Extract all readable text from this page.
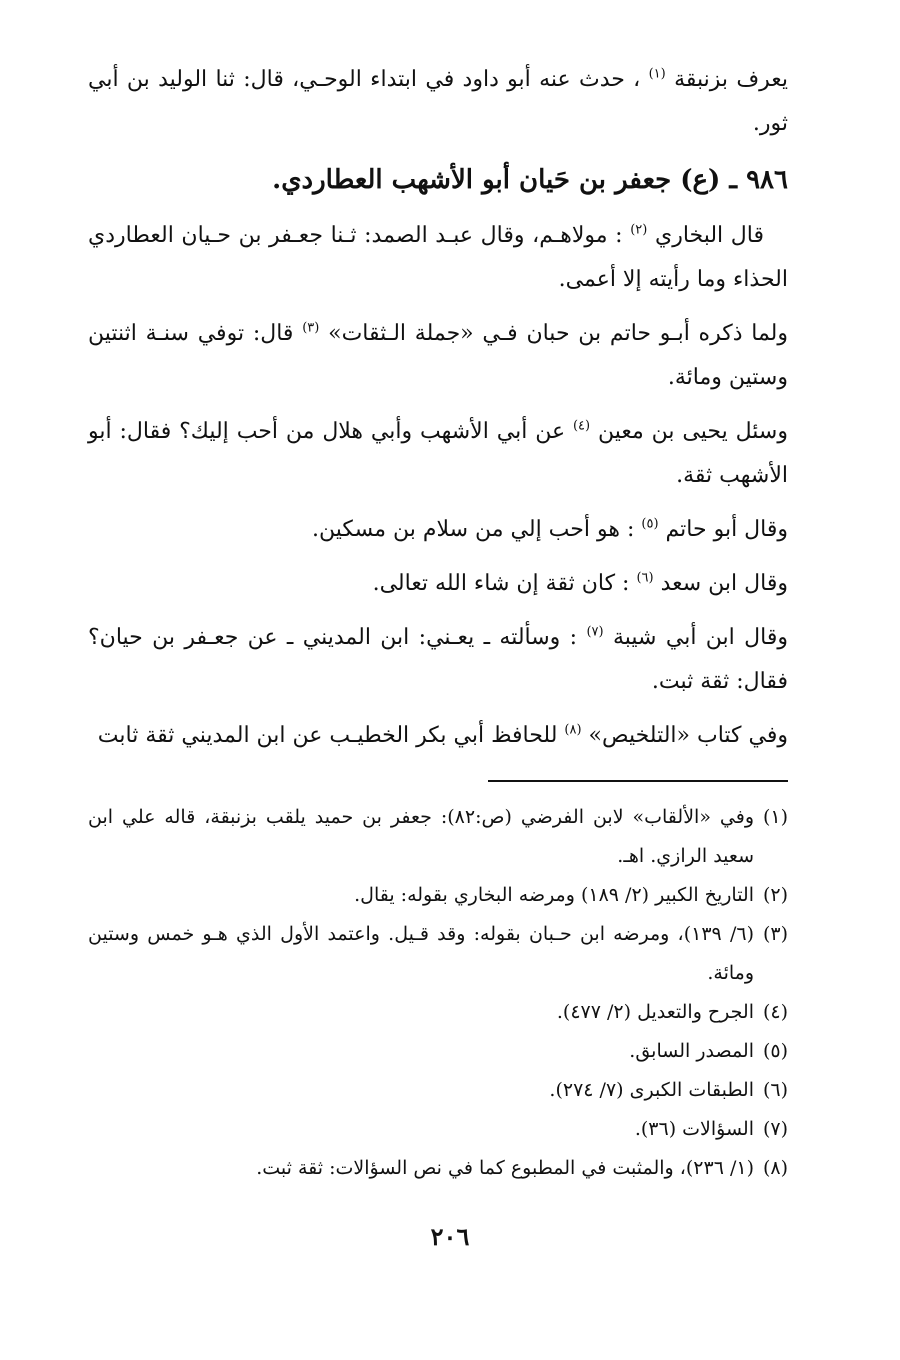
يعرف بزنبقة $^{(١)}$ ، حدث عنه أبو داود في ابتداء الوحـي، قال: ثنا الوليد بن أبي ثور.

٩٨٦ ـ (ع) جعفر بن حَيان أبو الأشهب العطاردي.

قال البخاري $^{(٢)}$ : مولاهـم، وقال عبـد الصمد: ثـنا جعـفر بن حـيان العطاردي الحذاء وما رأيته إلا أعمى.

ولما ذكره أبـو حاتم بن حبان فـي «جملة الـثقات» $^{(٣)}$ قال: توفي سنـة اثنتين وستين ومائة.

وسئل يحيى بن معين $^{(٤)}$ عن أبي الأشهب وأبي هلال من أحب إليك؟ فقال: أبو الأشهب ثقة.

وقال أبو حاتم $^{(٥)}$ : هو أحب إلي من سلام بن مسكين.

وقال ابن سعد $^{(٦)}$ : كان ثقة إن شاء الله تعالى.

وقال ابن أبي شيبة $^{(٧)}$ : وسألته ـ يعـني: ابن المديني ـ عن جعـفر بن حيان؟ فقال: ثقة ثبت.

وفي كتاب «التلخيص» $^{(٨)}$ للحافظ أبي بكر الخطيـب عن ابن المديني ثقة ثابت

(١)
وفي «الألقاب» لابن الفرضي (ص:٨٢): جعفر بن حميد يلقب بزنبقة، قاله علي ابن سعيد الرازي. اهـ.
(٢)
التاريخ الكبير (٢/ ١٨٩) ومرضه البخاري بقوله: يقال.
(٣)
(٦/ ١٣٩)، ومرضه ابن حـبان بقوله: وقد قـيل. واعتمد الأول الذي هـو خمس وستين ومائة.
(٤)
الجرح والتعديل (٢/ ٤٧٧).
(٥)
المصدر السابق.
(٦)
الطبقات الكبرى (٧/ ٢٧٤).
(٧)
السؤالات (٣٦).
(٨)
(١/ ٢٣٦)، والمثبت في المطبوع كما في نص السؤالات: ثقة ثبت.
٢٠٦
